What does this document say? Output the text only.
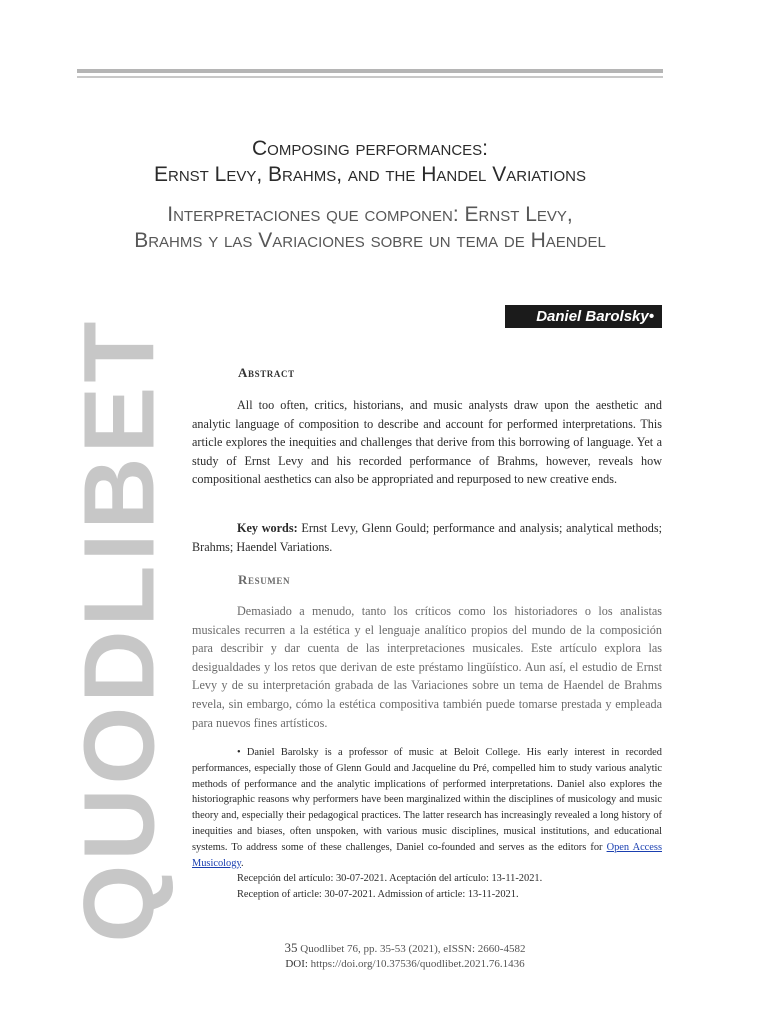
Composing performances:
Ernst Levy, Brahms, and the Handel Variations
Interpretaciones que componen: Ernst Levy,
Brahms y las Variaciones sobre un tema de Haendel
Daniel Barolsky•
QUODLIBET	Abstract

All too often, critics, historians, and music analysts draw upon the aesthetic and analytic language of composition to describe and account for performed interpretations. This article explores the inequities and challenges that derive from this borrowing of language. Yet a study of Ernst Levy and his recorded performance of Brahms, however, reveals how compositional aesthetics can also be appropriated and repurposed to new creative ends.

Key words: Ernst Levy, Glenn Gould; performance and analysis; analytical methods; Brahms; Haendel Variations.

Resumen

Demasiado a menudo, tanto los críticos como los historiadores o los analistas musicales recurren a la estética y el lenguaje analítico propios del mundo de la composición para describir y dar cuenta de las interpretaciones musicales. Este artículo explora las desigualdades y los retos que derivan de este préstamo lingüístico. Aun así, el estudio de Ernst Levy y de su interpretación grabada de las Variaciones sobre un tema de Haendel de Brahms revela, sin embargo, cómo la estética compositiva también puede tomarse prestada y empleada para nuevos fines artísticos.

• Daniel Barolsky is a professor of music at Beloit College. His early interest in recorded performances, especially those of Glenn Gould and Jacqueline du Pré, compelled him to study various analytic methods of performance and the analytic implications of performed interpretations. Daniel also explores the historiographic reasons why performers have been marginalized within the disciplines of musicology and music theory and, especially their pedagogical practices. The latter research has increasingly revealed a long history of inequities and biases, often unspoken, with various music disciplines, musical institutions, and educational systems. To address some of these challenges, Daniel co-founded and serves as the editors for Open Access Musicology.

Recepción del artículo: 30-07-2021. Aceptación del artículo: 13-11-2021.

Reception of article: 30-07-2021. Admission of article: 13-11-2021.

35 Quodlibet 76, pp. 35-53 (2021), eISSN: 2660-4582
DOI: https://doi.org/10.37536/quodlibet.2021.76.1436
